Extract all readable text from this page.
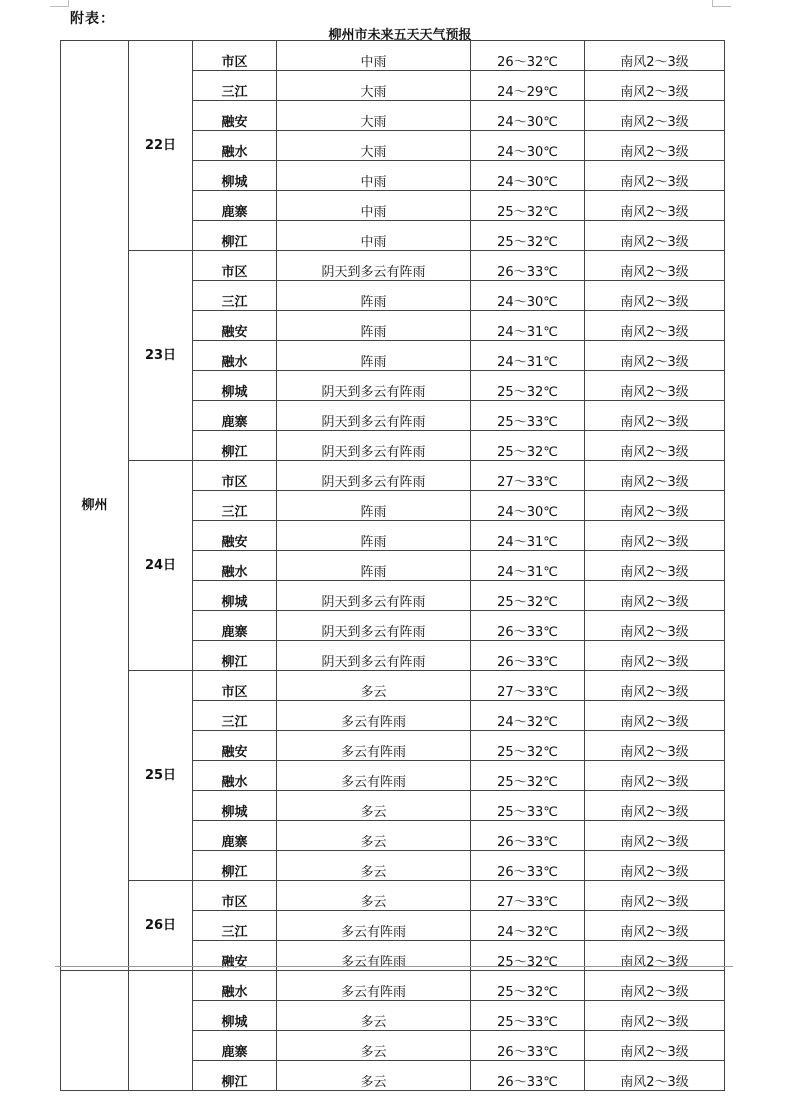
附表：
柳州市未来五天天气预报
柳州	22日	市区	中雨	26～32℃	南风2～3级
		三江	大雨	24～29℃	南风2～3级
		融安	大雨	24～30℃	南风2～3级
		融水	大雨	24～30℃	南风2～3级
		柳城	中雨	24～30℃	南风2～3级
		鹿寨	中雨	25～32℃	南风2～3级
		柳江	中雨	25～32℃	南风2～3级
	23日	市区	阴天到多云有阵雨	26～33℃	南风2～3级
		三江	阵雨	24～30℃	南风2～3级
		融安	阵雨	24～31℃	南风2～3级
		融水	阵雨	24～31℃	南风2～3级
		柳城	阴天到多云有阵雨	25～32℃	南风2～3级
		鹿寨	阴天到多云有阵雨	25～33℃	南风2～3级
		柳江	阴天到多云有阵雨	25～32℃	南风2～3级
	24日	市区	阴天到多云有阵雨	27～33℃	南风2～3级
		三江	阵雨	24～30℃	南风2～3级
		融安	阵雨	24～31℃	南风2～3级
		融水	阵雨	24～31℃	南风2～3级
		柳城	阴天到多云有阵雨	25～32℃	南风2～3级
		鹿寨	阴天到多云有阵雨	26～33℃	南风2～3级
		柳江	阴天到多云有阵雨	26～33℃	南风2～3级
	25日	市区	多云	27～33℃	南风2～3级
		三江	多云有阵雨	24～32℃	南风2～3级
		融安	多云有阵雨	25～32℃	南风2～3级
		融水	多云有阵雨	25～32℃	南风2～3级
		柳城	多云	25～33℃	南风2～3级
		鹿寨	多云	26～33℃	南风2～3级
		柳江	多云	26～33℃	南风2～3级
	26日	市区	多云	27～33℃	南风2～3级
		三江	多云有阵雨	24～32℃	南风2～3级
		融安	多云有阵雨	25～32℃	南风2～3级
		融水	多云有阵雨	25～32℃	南风2～3级
		柳城	多云	25～33℃	南风2～3级
		鹿寨	多云	26～33℃	南风2～3级
		柳江	多云	26～33℃	南风2～3级
